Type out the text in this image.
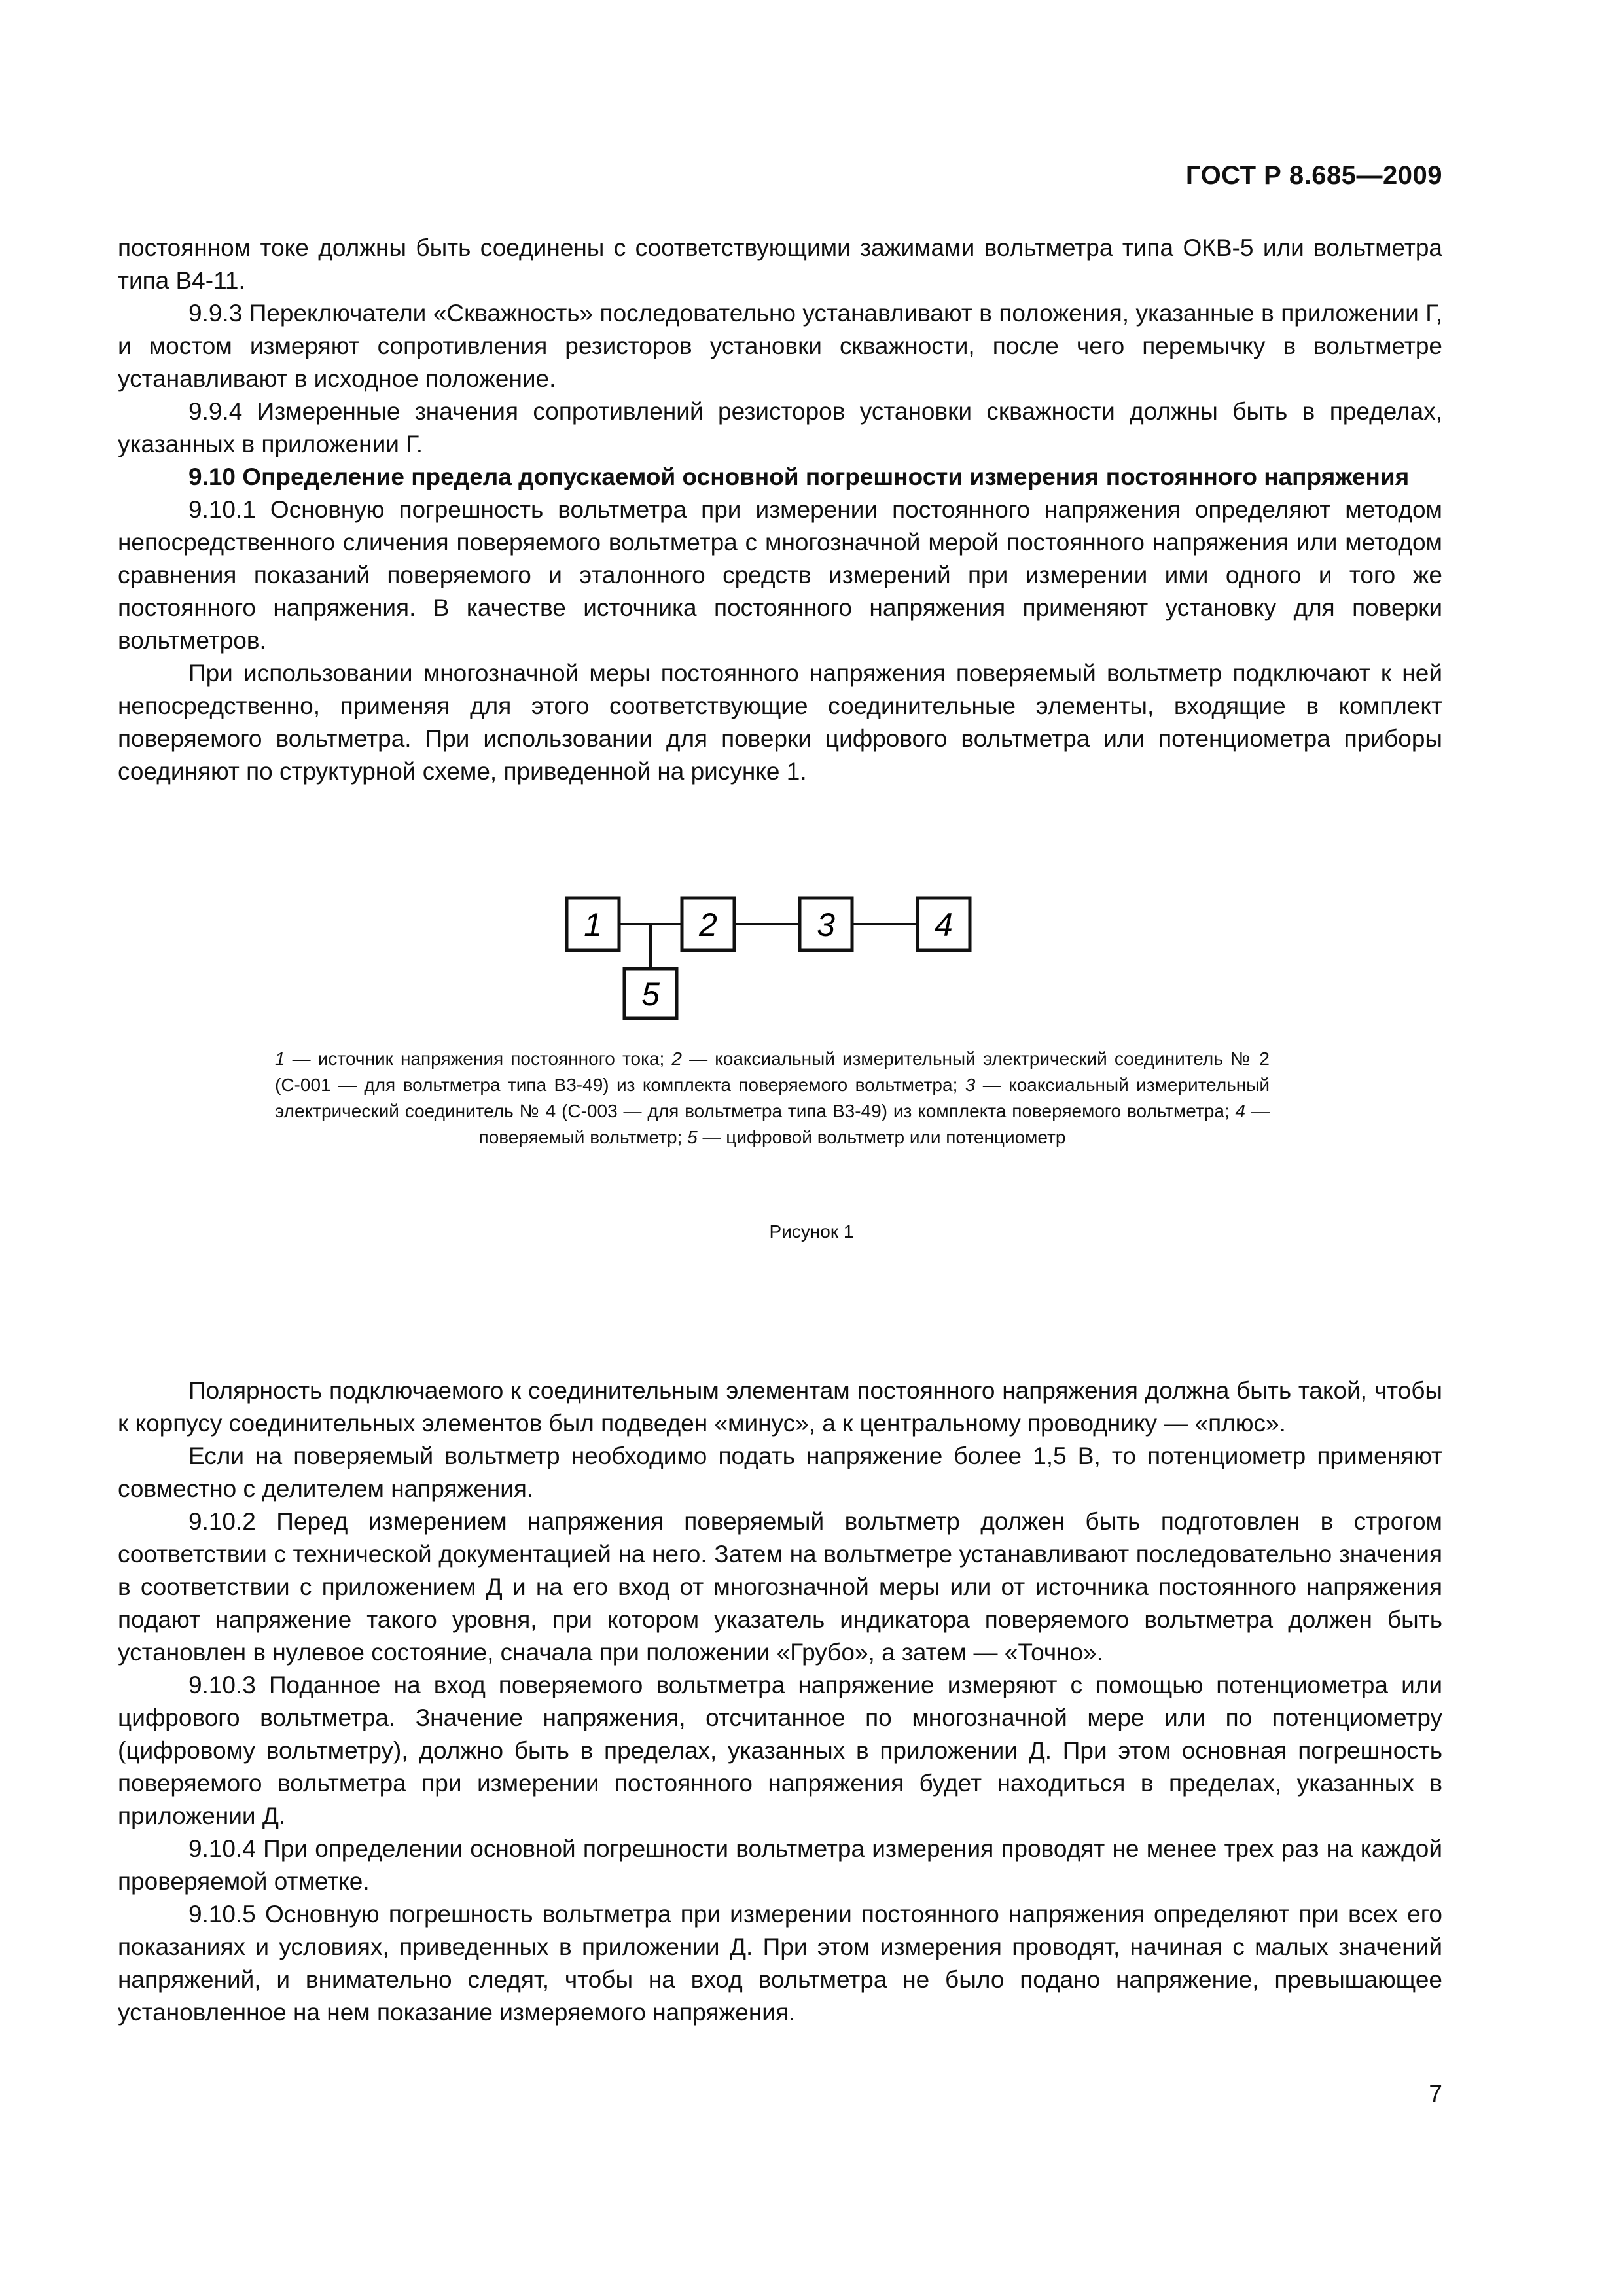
ГОСТ Р 8.685—2009

постоянном токе должны быть соединены с соответствующими зажимами вольтметра типа ОКВ-5 или вольтметра типа В4-11.

9.9.3 Переключатели «Скважность» последовательно устанавливают в положения, указанные в приложении Г, и мостом измеряют сопротивления резисторов установки скважности, после чего перемычку в вольтметре устанавливают в исходное положение.

9.9.4 Измеренные значения сопротивлений резисторов установки скважности должны быть в пределах, указанных в приложении Г.

9.10 Определение предела допускаемой основной погрешности измерения постоянного напряжения

9.10.1 Основную погрешность вольтметра при измерении постоянного напряжения определяют методом непосредственного сличения поверяемого вольтметра с многозначной мерой постоянного напряжения или методом сравнения показаний поверяемого и эталонного средств измерений при измерении ими одного и того же постоянного напряжения. В качестве источника постоянного напряжения применяют установку для поверки вольтметров.

При использовании многозначной меры постоянного напряжения поверяемый вольтметр подключают к ней непосредственно, применяя для этого соответствующие соединительные элементы, входящие в комплект поверяемого вольтметра. При использовании для поверки цифрового вольтметра или потенциометра приборы соединяют по структурной схеме, приведенной на рисунке 1.

1	2	3	4
5
1 — источник напряжения постоянного тока; 2 — коаксиальный измерительный электрический соединитель № 2 (С-001 — для вольтметра типа В3-49) из комплекта поверяемого вольтметра; 3 — коаксиальный измерительный электрический соединитель № 4 (С-003 — для вольтметра типа В3-49) из комплекта поверяемого вольтметра; 4 — поверяемый вольтметр; 5 — цифровой вольтметр или потенциометр
Рисунок 1

Полярность подключаемого к соединительным элементам постоянного напряжения должна быть такой, чтобы к корпусу соединительных элементов был подведен «минус», а к центральному проводнику — «плюс».

Если на поверяемый вольтметр необходимо подать напряжение более 1,5 В, то потенциометр применяют совместно с делителем напряжения.

9.10.2 Перед измерением напряжения поверяемый вольтметр должен быть подготовлен в строгом соответствии с технической документацией на него. Затем на вольтметре устанавливают последовательно значения в соответствии с приложением Д и на его вход от многозначной меры или от источника постоянного напряжения подают напряжение такого уровня, при котором указатель индикатора поверяемого вольтметра должен быть установлен в нулевое состояние, сначала при положении «Грубо», а затем — «Точно».

9.10.3 Поданное на вход поверяемого вольтметра напряжение измеряют с помощью потенциометра или цифрового вольтметра. Значение напряжения, отсчитанное по многозначной мере или по потенциометру (цифровому вольтметру), должно быть в пределах, указанных в приложении Д. При этом основная погрешность поверяемого вольтметра при измерении постоянного напряжения будет находиться в пределах, указанных в приложении Д.

9.10.4 При определении основной погрешности вольтметра измерения проводят не менее трех раз на каждой проверяемой отметке.

9.10.5 Основную погрешность вольтметра при измерении постоянного напряжения определяют при всех его показаниях и условиях, приведенных в приложении Д. При этом измерения проводят, начиная с малых значений напряжений, и внимательно следят, чтобы на вход вольтметра не было подано напряжение, превышающее установленное на нем показание измеряемого напряжения.

7
